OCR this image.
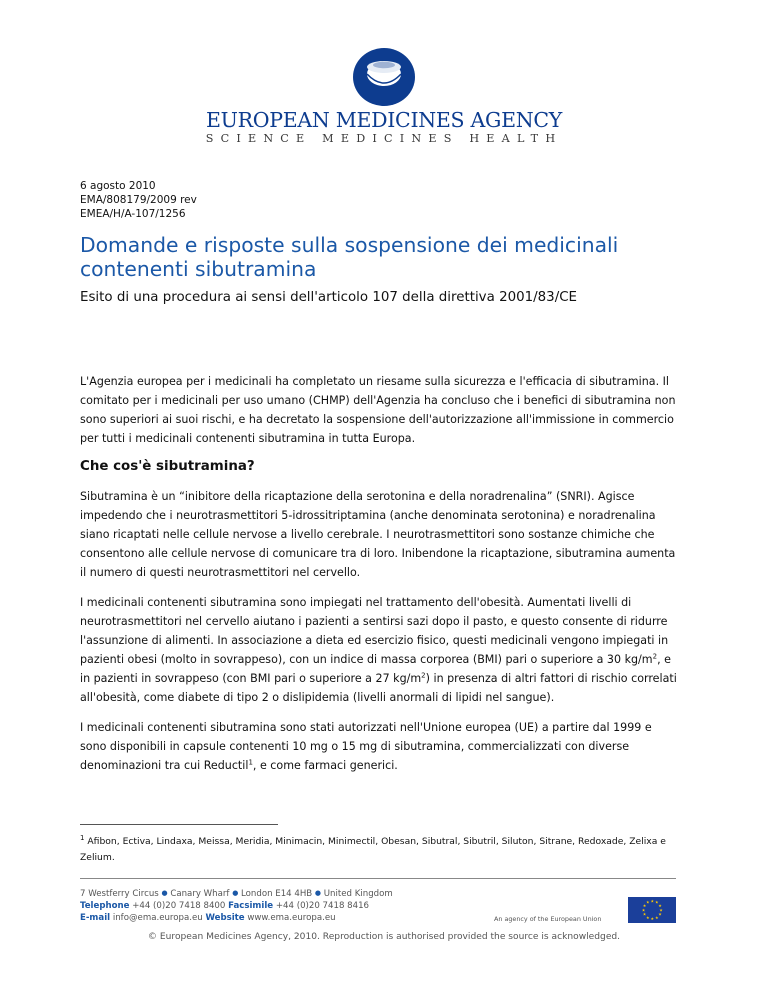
EUROPEAN MEDICINES AGENCY
SCIENCE MEDICINES HEALTH
6 agosto 2010
EMA/808179/2009 rev
EMEA/H/A-107/1256
Domande e risposte sulla sospensione dei medicinali contenenti sibutramina
Esito di una procedura ai sensi dell'articolo 107 della direttiva 2001/83/CE

L'Agenzia europea per i medicinali ha completato un riesame sulla sicurezza e l'efficacia di sibutramina. Il comitato per i medicinali per uso umano (CHMP) dell'Agenzia ha concluso che i benefici di sibutramina non sono superiori ai suoi rischi, e ha decretato la sospensione dell'autorizzazione all'immissione in commercio per tutti i medicinali contenenti sibutramina in tutta Europa.

Che cos'è sibutramina?

Sibutramina è un “inibitore della ricaptazione della serotonina e della noradrenalina” (SNRI). Agisce impedendo che i neurotrasmettitori 5-idrossitriptamina (anche denominata serotonina) e noradrenalina siano ricaptati nelle cellule nervose a livello cerebrale. I neurotrasmettitori sono sostanze chimiche che consentono alle cellule nervose di comunicare tra di loro. Inibendone la ricaptazione, sibutramina aumenta il numero di questi neurotrasmettitori nel cervello.

I medicinali contenenti sibutramina sono impiegati nel trattamento dell'obesità. Aumentati livelli di neurotrasmettitori nel cervello aiutano i pazienti a sentirsi sazi dopo il pasto, e questo consente di ridurre l'assunzione di alimenti. In associazione a dieta ed esercizio fisico, questi medicinali vengono impiegati in pazienti obesi (molto in sovrappeso), con un indice di massa corporea (BMI) pari o superiore a 30 $kg/m^2$, e in pazienti in sovrappeso (con BMI pari o superiore a 27 $kg/m^2$) in presenza di altri fattori di rischio correlati all'obesità, come diabete di tipo 2 o dislipidemia (livelli anormali di lipidi nel sangue).

I medicinali contenenti sibutramina sono stati autorizzati nell'Unione europea (UE) a partire dal 1999 e sono disponibili in capsule contenenti 10 mg o 15 mg di sibutramina, commercializzati con diverse denominazioni tra cui Reductil$^1$, e come farmaci generici.

$^1$ Afibon, Ectiva, Lindaxa, Meissa, Meridia, Minimacin, Minimectil, Obesan, Sibutral, Sibutril, Siluton, Sitrane, Redoxade, Zelixa e Zelium.
7 Westferry Circus ● Canary Wharf ● London E14 4HB ● United Kingdom
Telephone +44 (0)20 7418 8400 Facsimile +44 (0)20 7418 8416
E-mail info@ema.europa.eu Website www.ema.europa.eu	An agency of the European Union
★ ★
★
★
★
★
★
★
★
★
★
★
© European Medicines Agency, 2010. Reproduction is authorised provided the source is acknowledged.
